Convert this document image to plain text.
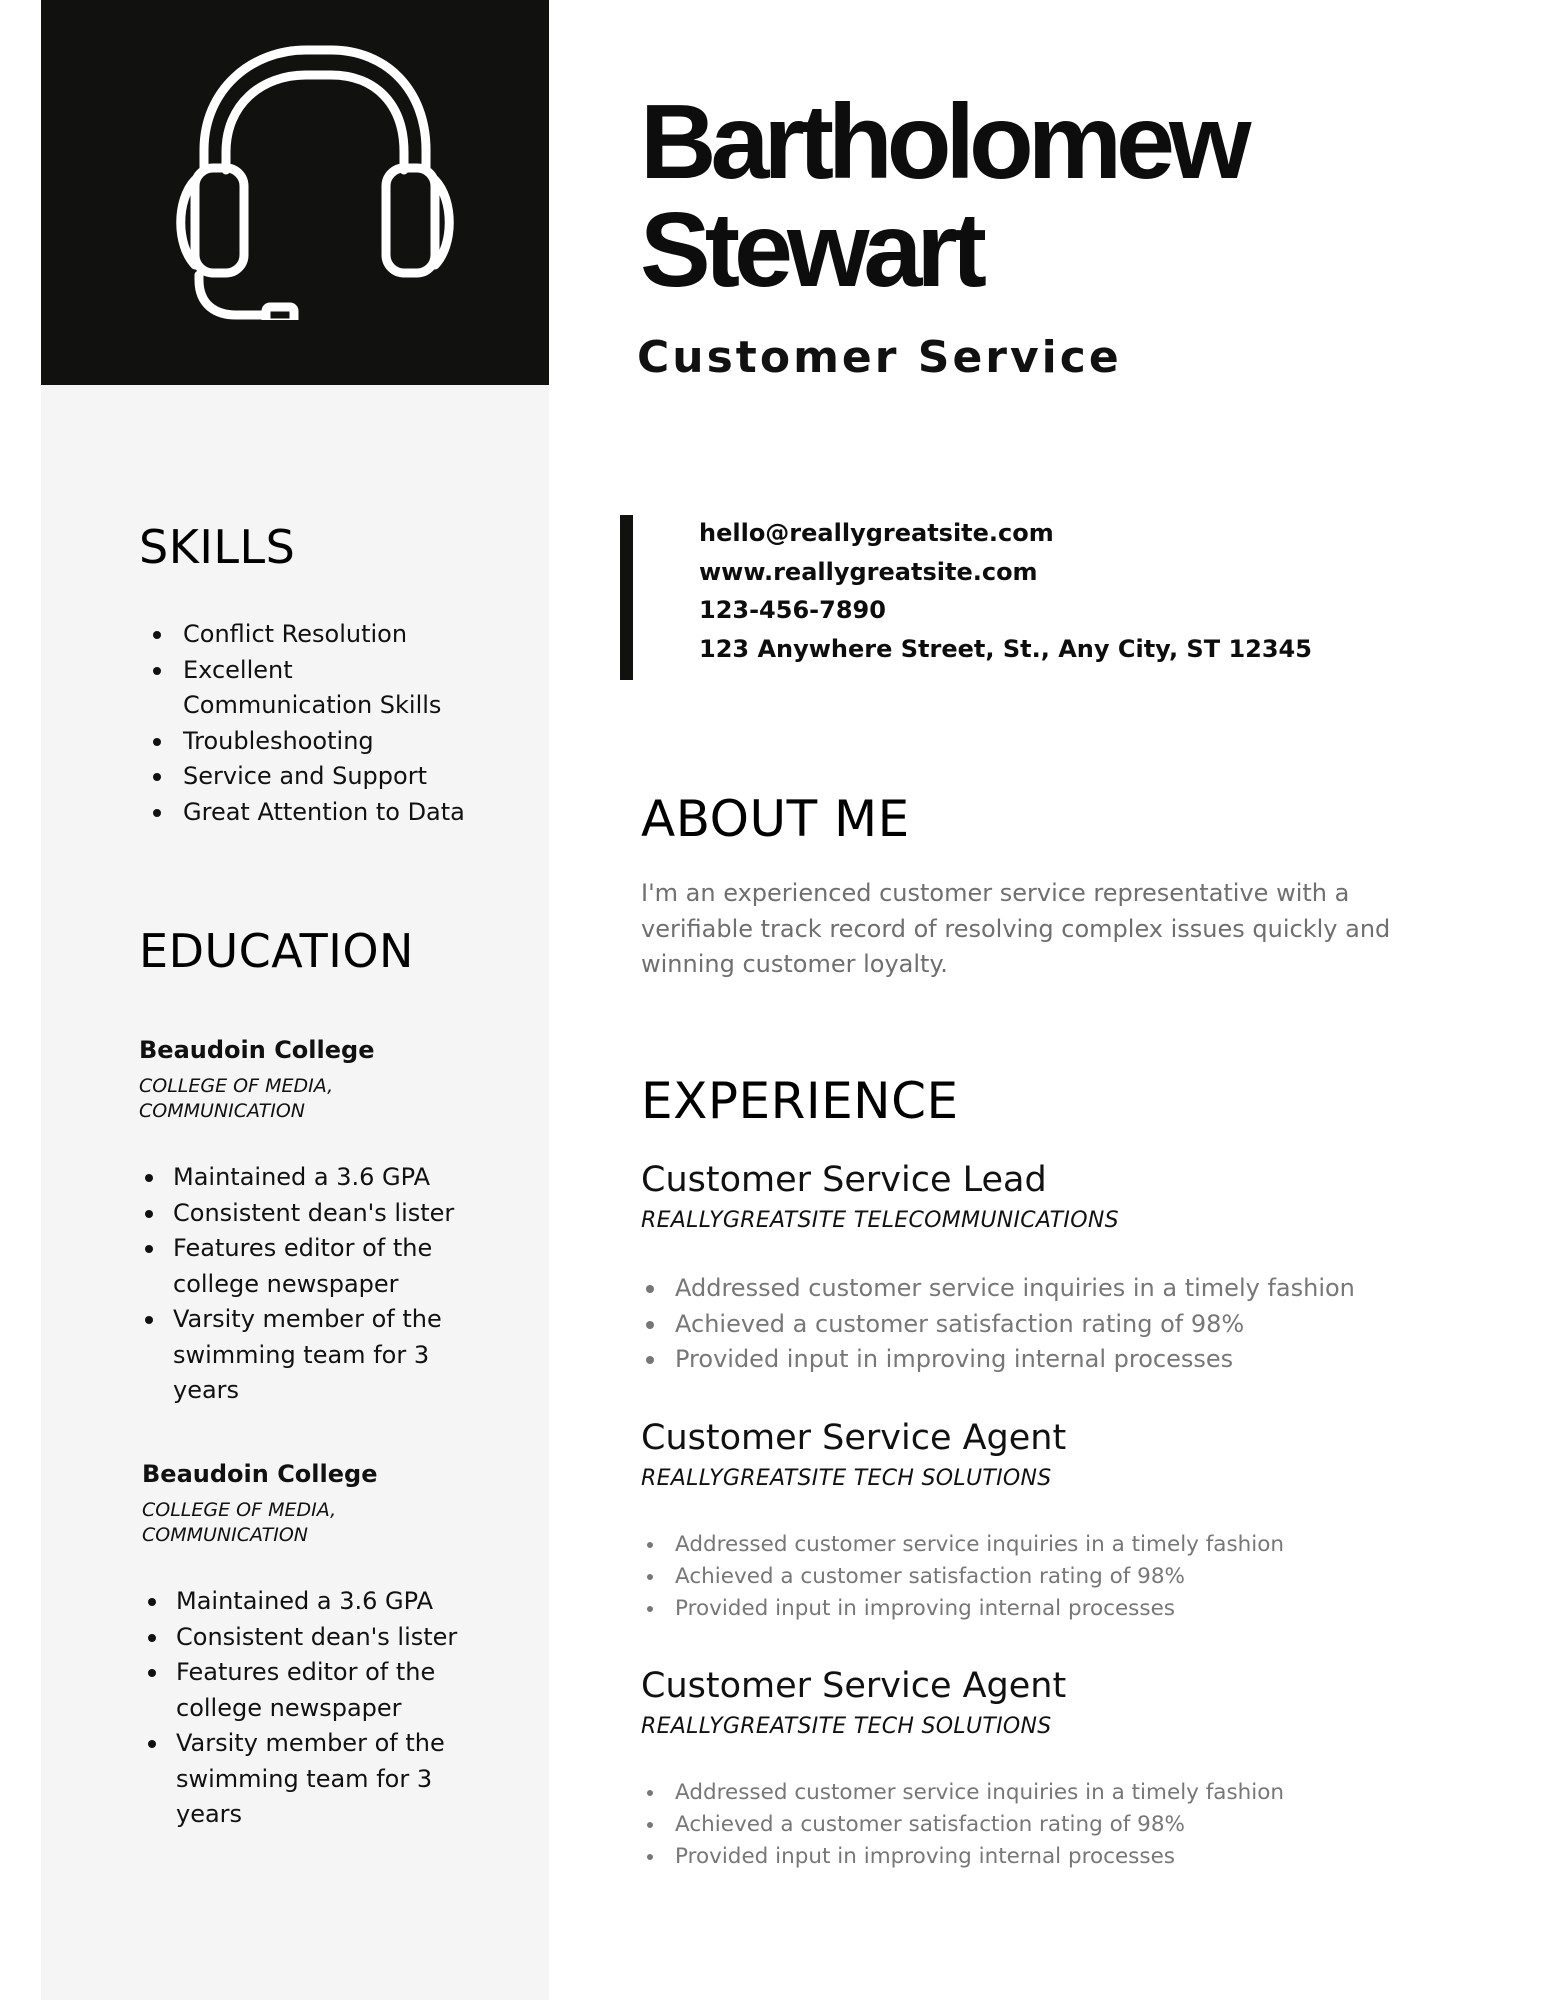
Bartholomew
Stewart
Customer Service
hello@reallygreatsite.com
www.reallygreatsite.com
123-456-7890
123 Anywhere Street, St., Any City, ST 12345
SKILLS
Conflict Resolution
Excellent Communication Skills
Troubleshooting
Service and Support
Great Attention to Data
EDUCATION
Beaudoin College
COLLEGE OF MEDIA, COMMUNICATION
Maintained a 3.6 GPA
Consistent dean's lister
Features editor of the college newspaper
Varsity member of the swimming team for 3 years
Beaudoin College
COLLEGE OF MEDIA, COMMUNICATION
Maintained a 3.6 GPA
Consistent dean's lister
Features editor of the college newspaper
Varsity member of the swimming team for 3 years
ABOUT ME

I'm an experienced customer service representative with a verifiable track record of resolving complex issues quickly and winning customer loyalty.

EXPERIENCE
Customer Service Lead
REALLYGREATSITE TELECOMMUNICATIONS
Addressed customer service inquiries in a timely fashion
Achieved a customer satisfaction rating of 98%
Provided input in improving internal processes
Customer Service Agent
REALLYGREATSITE TECH SOLUTIONS
Addressed customer service inquiries in a timely fashion
Achieved a customer satisfaction rating of 98%
Provided input in improving internal processes
Customer Service Agent
REALLYGREATSITE TECH SOLUTIONS
Addressed customer service inquiries in a timely fashion
Achieved a customer satisfaction rating of 98%
Provided input in improving internal processes
